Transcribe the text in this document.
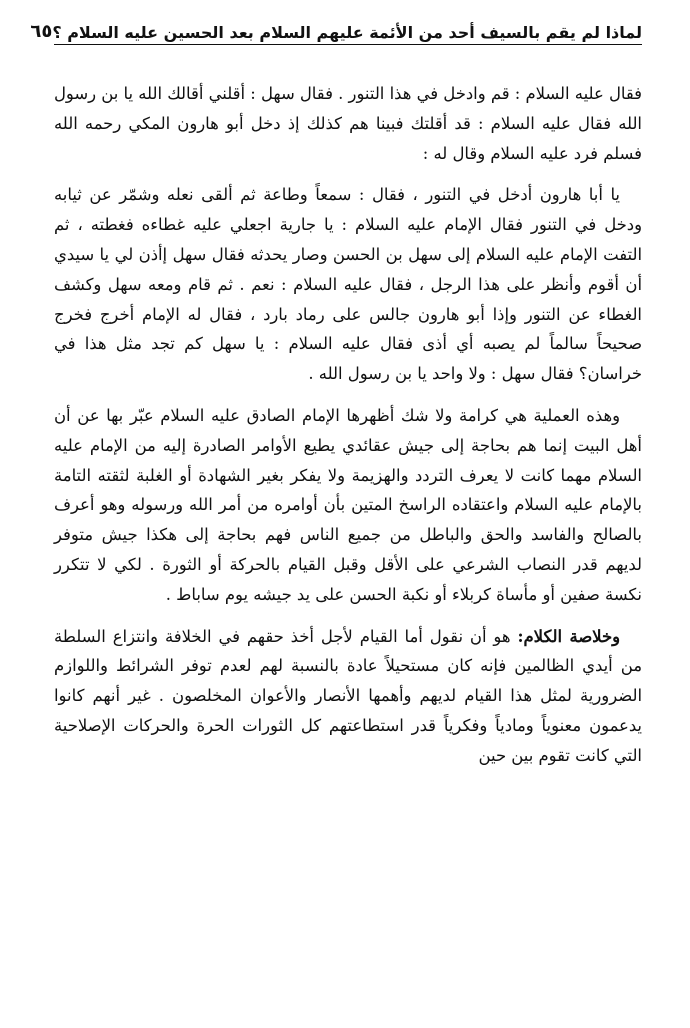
لماذا لم يقم بالسيف أحد من الأئمة عليهم السلام بعد الحسين عليه السلام ؟
٦٥

فقال عليه السلام : قم وادخل في هذا التنور . فقال سهل : أقلني أقالك الله يا بن رسول الله فقال عليه السلام : قد أقلتك فبينا هم كذلك إذ دخل أبو هارون المكي رحمه الله فسلم فرد عليه السلام وقال له :

يا أبا هارون أدخل في التنور ، فقال : سمعاً وطاعة ثم ألقى نعله وشمّر عن ثيابه ودخل في التنور فقال الإمام عليه السلام : يا جارية اجعلي عليه غطاءه فغطته ، ثم التفت الإمام عليه السلام إلى سهل بن الحسن وصار يحدثه فقال سهل إأذن لي يا سيدي أن أقوم وأنظر على هذا الرجل ، فقال عليه السلام : نعم . ثم قام ومعه سهل وكشف الغطاء عن التنور وإذا أبو هارون جالس على رماد بارد ، فقال له الإمام أخرج فخرج صحيحاً سالماً لم يصبه أي أذى فقال عليه السلام : يا سهل كم تجد مثل هذا في خراسان؟ فقال سهل : ولا واحد يا بن رسول الله .

وهذه العملية هي كرامة ولا شك أظهرها الإمام الصادق عليه السلام عبّر بها عن أن أهل البيت إنما هم بحاجة إلى جيش عقائدي يطيع الأوامر الصادرة إليه من الإمام عليه السلام مهما كانت لا يعرف التردد والهزيمة ولا يفكر بغير الشهادة أو الغلبة لثقته التامة بالإمام عليه السلام واعتقاده الراسخ المتين بأن أوامره من أمر الله ورسوله وهو أعرف بالصالح والفاسد والحق والباطل من جميع الناس فهم بحاجة إلى هكذا جيش متوفر لديهم قدر النصاب الشرعي على الأقل وقبل القيام بالحركة أو الثورة . لكي لا تتكرر نكسة صفين أو مأساة كربلاء أو نكبة الحسن على يد جيشه يوم ساباط .

وخلاصة الكلام: هو أن نقول أما القيام لأجل أخذ حقهم في الخلافة وانتزاع السلطة من أيدي الظالمين فإنه كان مستحيلاً عادة بالنسبة لهم لعدم توفر الشرائط واللوازم الضرورية لمثل هذا القيام لديهم وأهمها الأنصار والأعوان المخلصون . غير أنهم كانوا يدعمون معنوياً ومادياً وفكرياً قدر استطاعتهم كل الثورات الحرة والحركات الإصلاحية التي كانت تقوم بين حين
